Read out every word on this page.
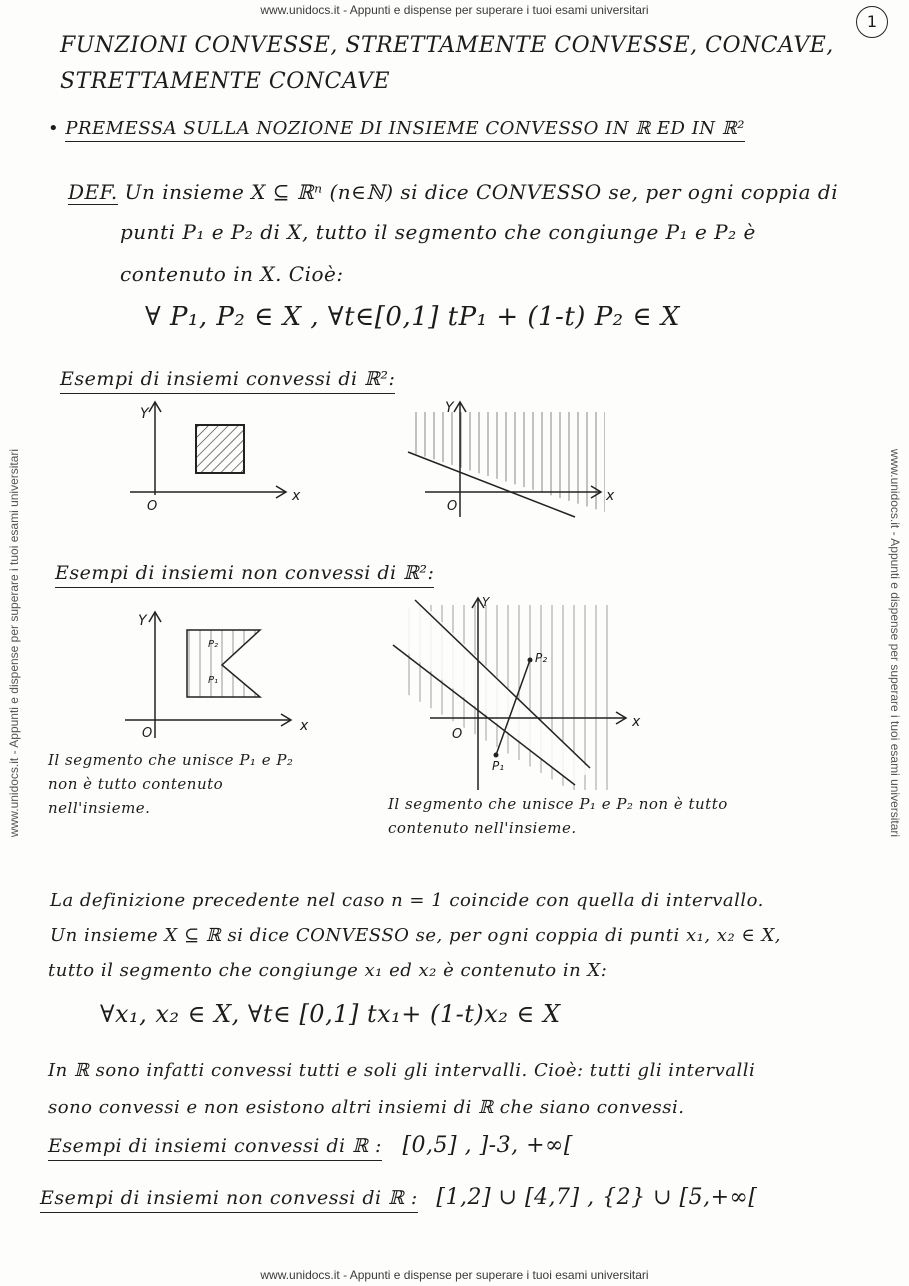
www.unidocs.it - Appunti e dispense per superare i tuoi esami universitari
www.unidocs.it - Appunti e dispense per superare i tuoi esami universitari
www.unidocs.it - Appunti e dispense per superare i tuoi esami universitari	www.unidocs.it - Appunti e dispense per superare i tuoi esami universitari
1
FUNZIONI CONVESSE, STRETTAMENTE CONVESSE, CONCAVE, STRETTAMENTE CONCAVE
• PREMESSA SULLA NOZIONE DI INSIEME CONVESSO IN ℝ ED IN ℝ²
DEF. Un insieme X ⊆ ℝⁿ (n∈ℕ) si dice CONVESSO se, per ogni coppia di
punti P₁ e P₂ di X, tutto il segmento che congiunge P₁ e P₂ è
contenuto in X. Cioè:
∀ P₁, P₂ ∈ X , ∀t∈[0,1] tP₁ + (1-t) P₂ ∈ X
Esempi di insiemi convessi di ℝ²:
Esempi di insiemi non convessi di ℝ²:
Y
x
O
Y
x
O
Y
x
O
P₂
P₁
Y
x
O
P₂
P₁
Il segmento che unisce P₁ e P₂ non è tutto contenuto nell'insieme.	Il segmento che unisce P₁ e P₂ non è tutto contenuto nell'insieme.
La definizione precedente nel caso n = 1 coincide con quella di intervallo.
Un insieme X ⊆ ℝ si dice CONVESSO se, per ogni coppia di punti x₁, x₂ ∈ X,
tutto il segmento che congiunge x₁ ed x₂ è contenuto in X:
∀x₁, x₂ ∈ X, ∀t∈ [0,1] tx₁+ (1-t)x₂ ∈ X
In ℝ sono infatti convessi tutti e soli gli intervalli. Cioè: tutti gli intervalli
sono convessi e non esistono altri insiemi di ℝ che siano convessi.
Esempi di insiemi convessi di ℝ : [0,5] , ]-3, +∞[
Esempi di insiemi non convessi di ℝ : [1,2] ∪ [4,7] , {2} ∪ [5,+∞[
